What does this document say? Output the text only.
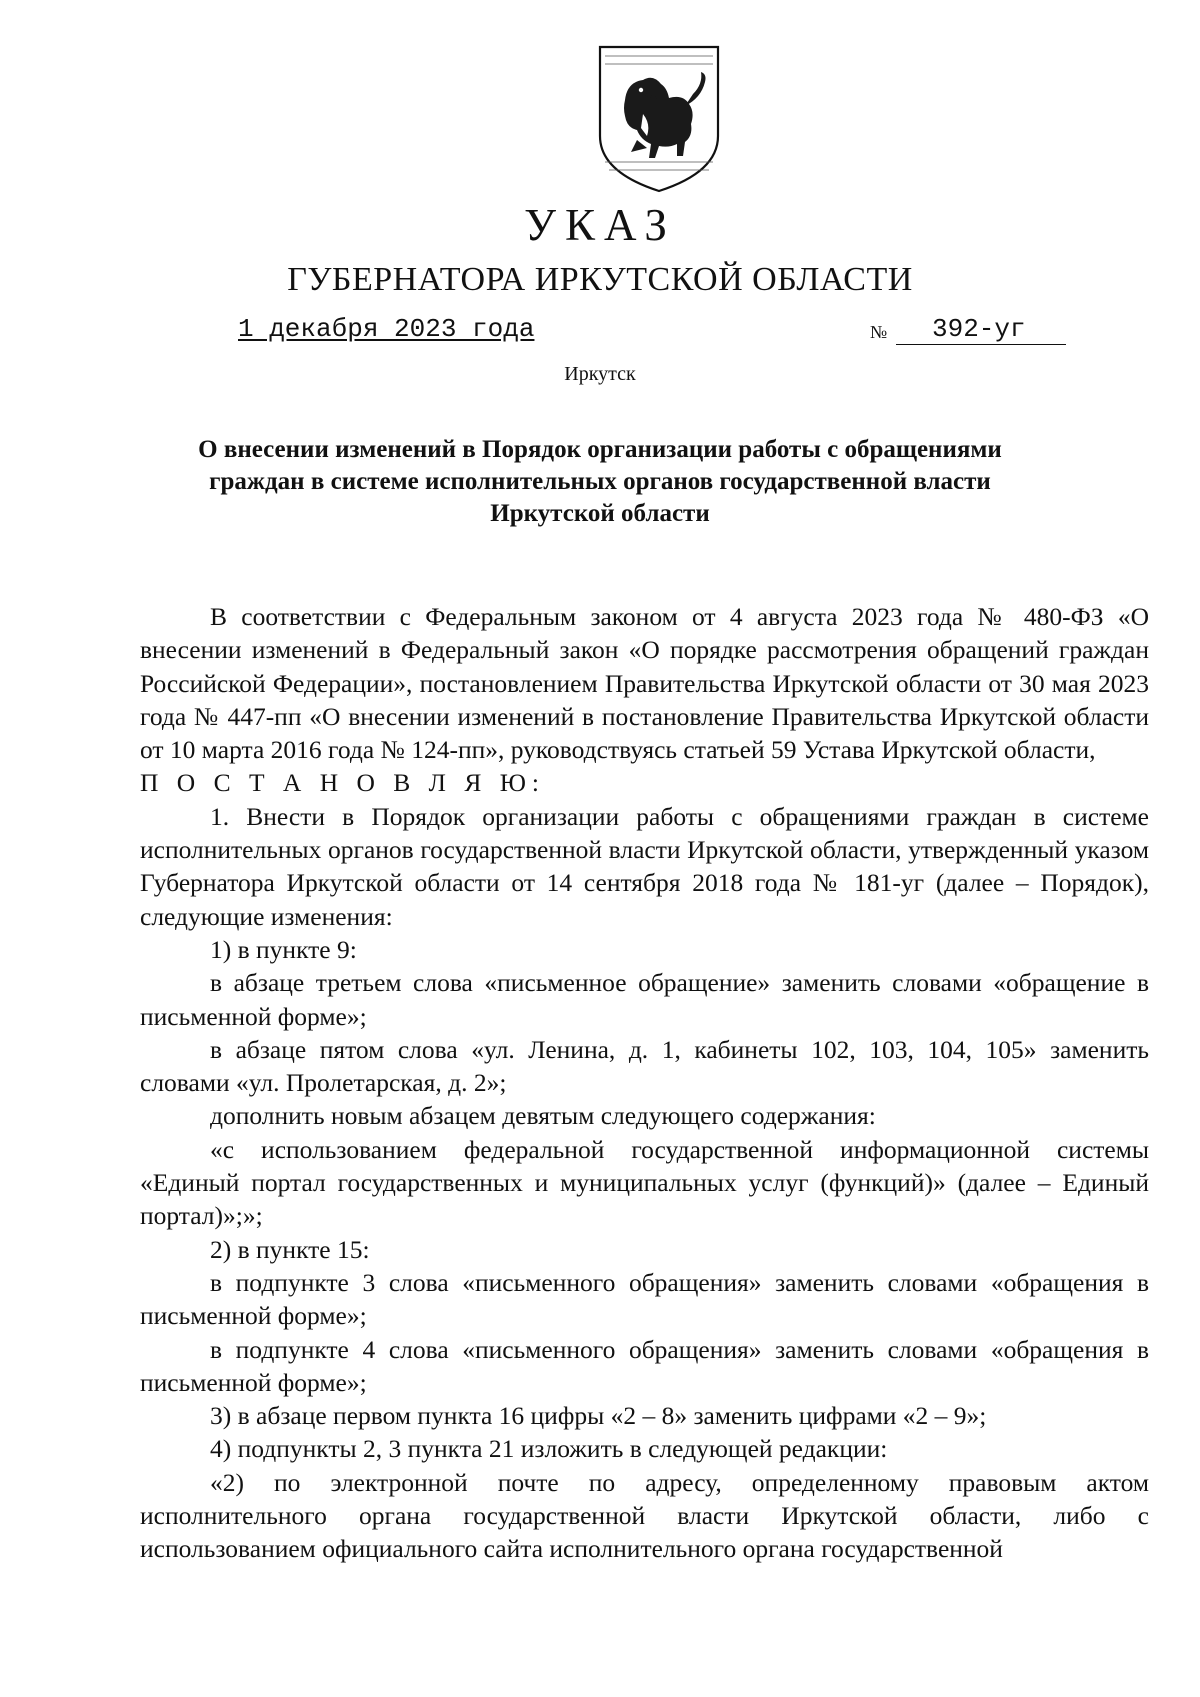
УКАЗ
ГУБЕРНАТОРА ИРКУТСКОЙ ОБЛАСТИ
1 декабря 2023 года	№ 392-уг
Иркутск
О внесении изменений в Порядок организации работы с обращениями
граждан в системе исполнительных органов государственной власти
Иркутской области

В соответствии с Федеральным законом от 4 августа 2023 года № 480-ФЗ «О внесении изменений в Федеральный закон «О порядке рассмотрения обращений граждан Российской Федерации», постановлением Правительства Иркутской области от 30 мая 2023 года № 447-пп «О внесении изменений в постановление Правительства Иркутской области от 10 марта 2016 года № 124-пп», руководствуясь статьей 59 Устава Иркутской области,

П О С Т А Н О В Л Я Ю:

1. Внести в Порядок организации работы с обращениями граждан в системе исполнительных органов государственной власти Иркутской области, утвержденный указом Губернатора Иркутской области от 14 сентября 2018 года № 181-уг (далее – Порядок), следующие изменения:

1) в пункте 9:

в абзаце третьем слова «письменное обращение» заменить словами «обращение в письменной форме»;

в абзаце пятом слова «ул. Ленина, д. 1, кабинеты 102, 103, 104, 105» заменить словами «ул. Пролетарская, д. 2»;

дополнить новым абзацем девятым следующего содержания:

«с использованием федеральной государственной информационной системы «Единый портал государственных и муниципальных услуг (функций)» (далее – Единый портал)»;»;

2) в пункте 15:

в подпункте 3 слова «письменного обращения» заменить словами «обращения в письменной форме»;

в подпункте 4 слова «письменного обращения» заменить словами «обращения в письменной форме»;

3) в абзаце первом пункта 16 цифры «2 – 8» заменить цифрами «2 – 9»;

4) подпункты 2, 3 пункта 21 изложить в следующей редакции:

«2) по электронной почте по адресу, определенному правовым актом исполнительного органа государственной власти Иркутской области, либо с использованием официального сайта исполнительного органа государственной
